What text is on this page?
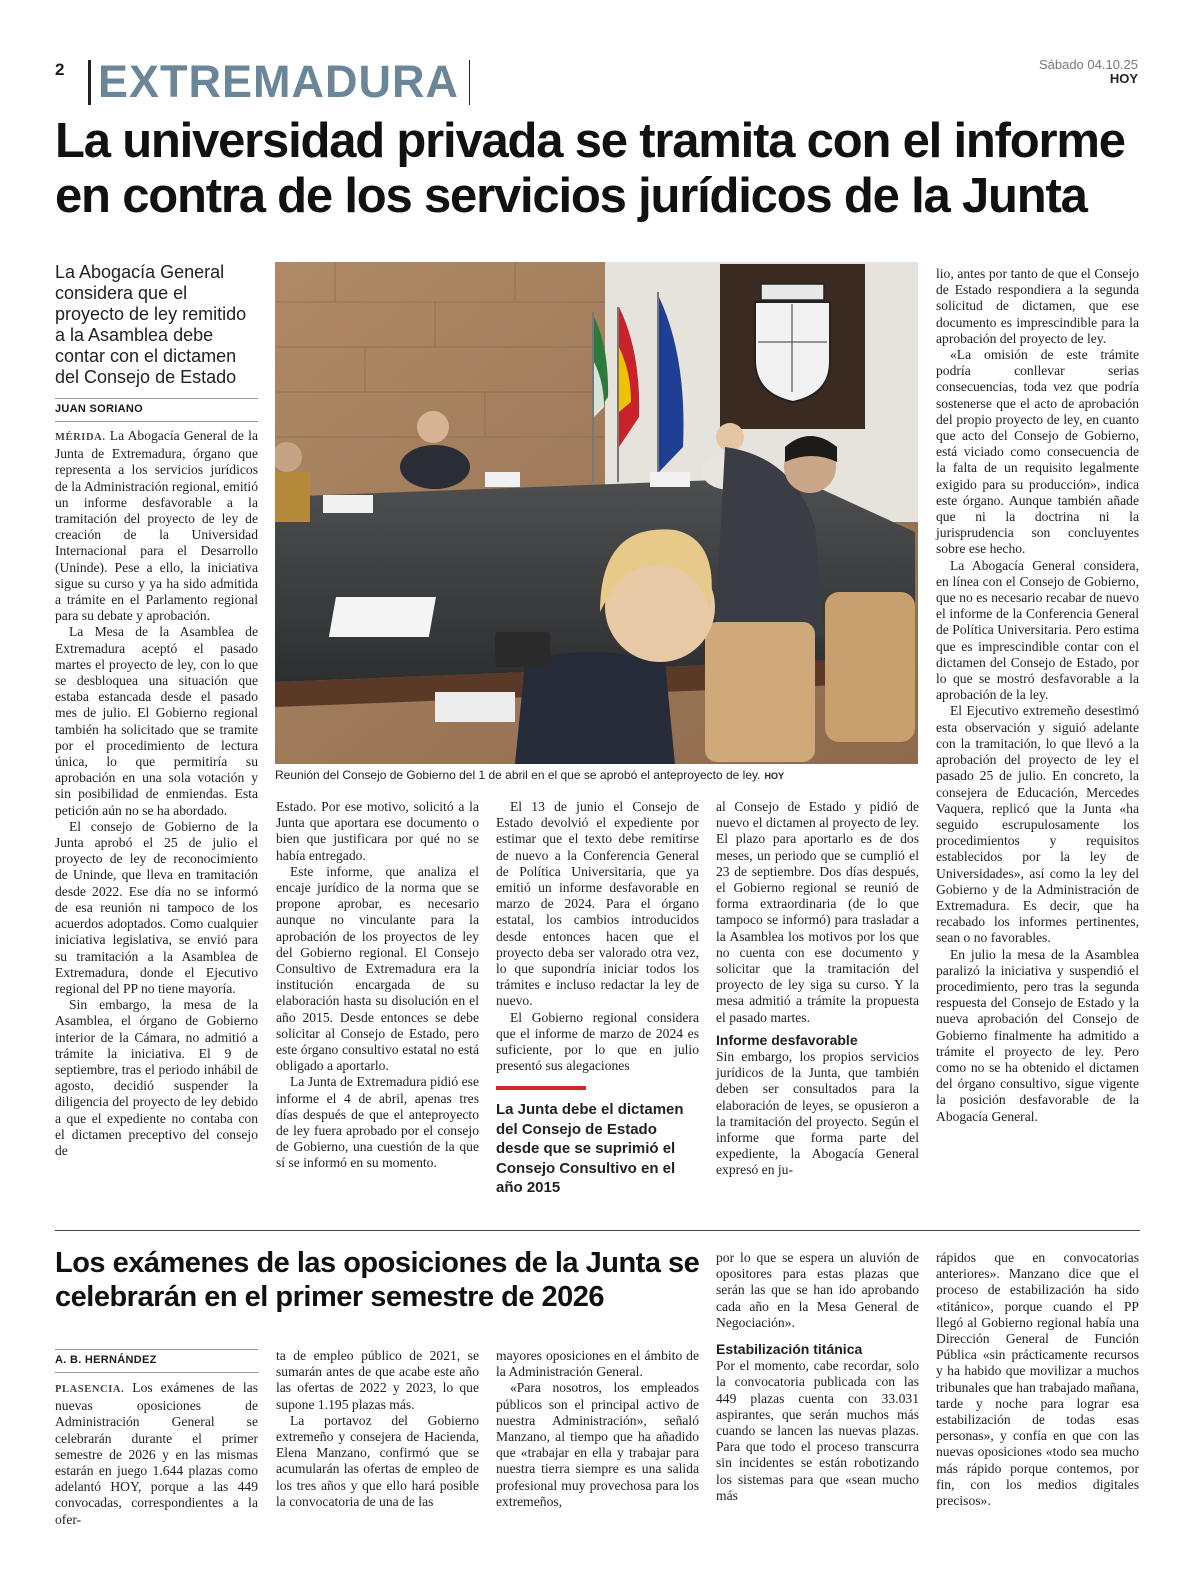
2 EXTREMADURA	Sábado 04.10.25
HOY
La universidad privada se tramita con el informe en contra de los servicios jurídicos de la Junta

La Abogacía General considera que el proyecto de ley remitido a la Asamblea debe contar con el dictamen del Consejo de Estado

JUAN SORIANO

MÉRIDA. La Abogacía General de la Junta de Extremadura, órgano que representa a los servicios jurídicos de la Administración regional, emitió un informe desfavorable a la tramitación del proyecto de ley de creación de la Universidad Internacional para el Desarrollo (Uninde). Pese a ello, la iniciativa sigue su curso y ya ha sido admitida a trámite en el Parlamento regional para su debate y aprobación.

La Mesa de la Asamblea de Extremadura aceptó el pasado martes el proyecto de ley, con lo que se desbloquea una situación que estaba estancada desde el pasado mes de julio. El Gobierno regional también ha solicitado que se tramite por el procedimiento de lectura única, lo que permitiría su aprobación en una sola votación y sin posibilidad de enmiendas. Esta petición aún no se ha abordado.

El consejo de Gobierno de la Junta aprobó el 25 de julio el proyecto de ley de reconocimiento de Uninde, que lleva en tramitación desde 2022. Ese día no se informó de esa reunión ni tampoco de los acuerdos adoptados. Como cualquier iniciativa legislativa, se envió para su tramitación a la Asamblea de Extremadura, donde el Ejecutivo regional del PP no tiene mayoría.

Sin embargo, la mesa de la Asamblea, el órgano de Gobierno interior de la Cámara, no admitió a trámite la iniciativa. El 9 de septiembre, tras el periodo inhábil de agosto, decidió suspender la diligencia del proyecto de ley debido a que el expediente no contaba con el dictamen preceptivo del consejo de

Reunión del Consejo de Gobierno del 1 de abril en el que se aprobó el anteproyecto de ley. HOY

Estado. Por ese motivo, solicitó a la Junta que aportara ese documento o bien que justificara por qué no se había entregado.

Este informe, que analiza el encaje jurídico de la norma que se propone aprobar, es necesario aunque no vinculante para la aprobación de los proyectos de ley del Gobierno regional. El Consejo Consultivo de Extremadura era la institución encargada de su elaboración hasta su disolución en el año 2015. Desde entonces se debe solicitar al Consejo de Estado, pero este órgano consultivo estatal no está obligado a aportarlo.

La Junta de Extremadura pidió ese informe el 4 de abril, apenas tres días después de que el anteproyecto de ley fuera aprobado por el consejo de Gobierno, una cuestión de la que sí se informó en su momento.

El 13 de junio el Consejo de Estado devolvió el expediente por estimar que el texto debe remitirse de nuevo a la Conferencia General de Política Universitaria, que ya emitió un informe desfavorable en marzo de 2024. Para el órgano estatal, los cambios introducidos desde entonces hacen que el proyecto deba ser valorado otra vez, lo que supondría iniciar todos los trámites e incluso redactar la ley de nuevo.

El Gobierno regional considera que el informe de marzo de 2024 es suficiente, por lo que en julio presentó sus alegaciones

La Junta debe el dictamen del Consejo de Estado desde que se suprimió el Consejo Consultivo en el año 2015

al Consejo de Estado y pidió de nuevo el dictamen al proyecto de ley. El plazo para aportarlo es de dos meses, un periodo que se cumplió el 23 de septiembre. Dos días después, el Gobierno regional se reunió de forma extraordinaria (de lo que tampoco se informó) para trasladar a la Asamblea los motivos por los que no cuenta con ese documento y solicitar que la tramitación del proyecto de ley siga su curso. Y la mesa admitió a trámite la propuesta el pasado martes.

Informe desfavorable

Sin embargo, los propios servicios jurídicos de la Junta, que también deben ser consultados para la elaboración de leyes, se opusieron a la tramitación del proyecto. Según el informe que forma parte del expediente, la Abogacía General expresó en ju-

lio, antes por tanto de que el Consejo de Estado respondiera a la segunda solicitud de dictamen, que ese documento es imprescindible para la aprobación del proyecto de ley.

«La omisión de este trámite podría conllevar serias consecuencias, toda vez que podría sostenerse que el acto de aprobación del propio proyecto de ley, en cuanto que acto del Consejo de Gobierno, está viciado como consecuencia de la falta de un requisito legalmente exigido para su producción», indica este órgano. Aunque también añade que ni la doctrina ni la jurisprudencia son concluyentes sobre ese hecho.

La Abogacía General considera, en línea con el Consejo de Gobierno, que no es necesario recabar de nuevo el informe de la Conferencia General de Política Universitaria. Pero estima que es imprescindible contar con el dictamen del Consejo de Estado, por lo que se mostró desfavorable a la aprobación de la ley.

El Ejecutivo extremeño desestimó esta observación y siguió adelante con la tramitación, lo que llevó a la aprobación del proyecto de ley el pasado 25 de julio. En concreto, la consejera de Educación, Mercedes Vaquera, replicó que la Junta «ha seguido escrupulosamente los procedimientos y requisitos establecidos por la ley de Universidades», así como la ley del Gobierno y de la Administración de Extremadura. Es decir, que ha recabado los informes pertinentes, sean o no favorables.

En julio la mesa de la Asamblea paralizó la iniciativa y suspendió el procedimiento, pero tras la segunda respuesta del Consejo de Estado y la nueva aprobación del Consejo de Gobierno finalmente ha admitido a trámite el proyecto de ley. Pero como no se ha obtenido el dictamen del órgano consultivo, sigue vigente la posición desfavorable de la Abogacía General.

Los exámenes de las oposiciones de la Junta se celebrarán en el primer semestre de 2026
A. B. HERNÁNDEZ

PLASENCIA. Los exámenes de las nuevas oposiciones de Administración General se celebrarán durante el primer semestre de 2026 y en las mismas estarán en juego 1.644 plazas como adelantó HOY, porque a las 449 convocadas, correspondientes a la ofer-

ta de empleo público de 2021, se sumarán antes de que acabe este año las ofertas de 2022 y 2023, lo que supone 1.195 plazas más.

La portavoz del Gobierno extremeño y consejera de Hacienda, Elena Manzano, confirmó que se acumularán las ofertas de empleo de los tres años y que ello hará posible la convocatoria de una de las

mayores oposiciones en el ámbito de la Administración General.

«Para nosotros, los empleados públicos son el principal activo de nuestra Administración», señaló Manzano, al tiempo que ha añadido que «trabajar en ella y trabajar para nuestra tierra siempre es una salida profesional muy provechosa para los extremeños,

por lo que se espera un aluvión de opositores para estas plazas que serán las que se han ido aprobando cada año en la Mesa General de Negociación».

Estabilización titánica

Por el momento, cabe recordar, solo la convocatoria publicada con las 449 plazas cuenta con 33.031 aspirantes, que serán muchos más cuando se lancen las nuevas plazas. Para que todo el proceso transcurra sin incidentes se están robotizando los sistemas para que «sean mucho más

rápidos que en convocatorias anteriores». Manzano dice que el proceso de estabilización ha sido «titánico», porque cuando el PP llegó al Gobierno regional había una Dirección General de Función Pública «sin prácticamente recursos y ha habido que movilizar a muchos tribunales que han trabajado mañana, tarde y noche para lograr esa estabilización de todas esas personas», y confía en que con las nuevas oposiciones «todo sea mucho más rápido porque contemos, por fin, con los medios digitales precisos».
